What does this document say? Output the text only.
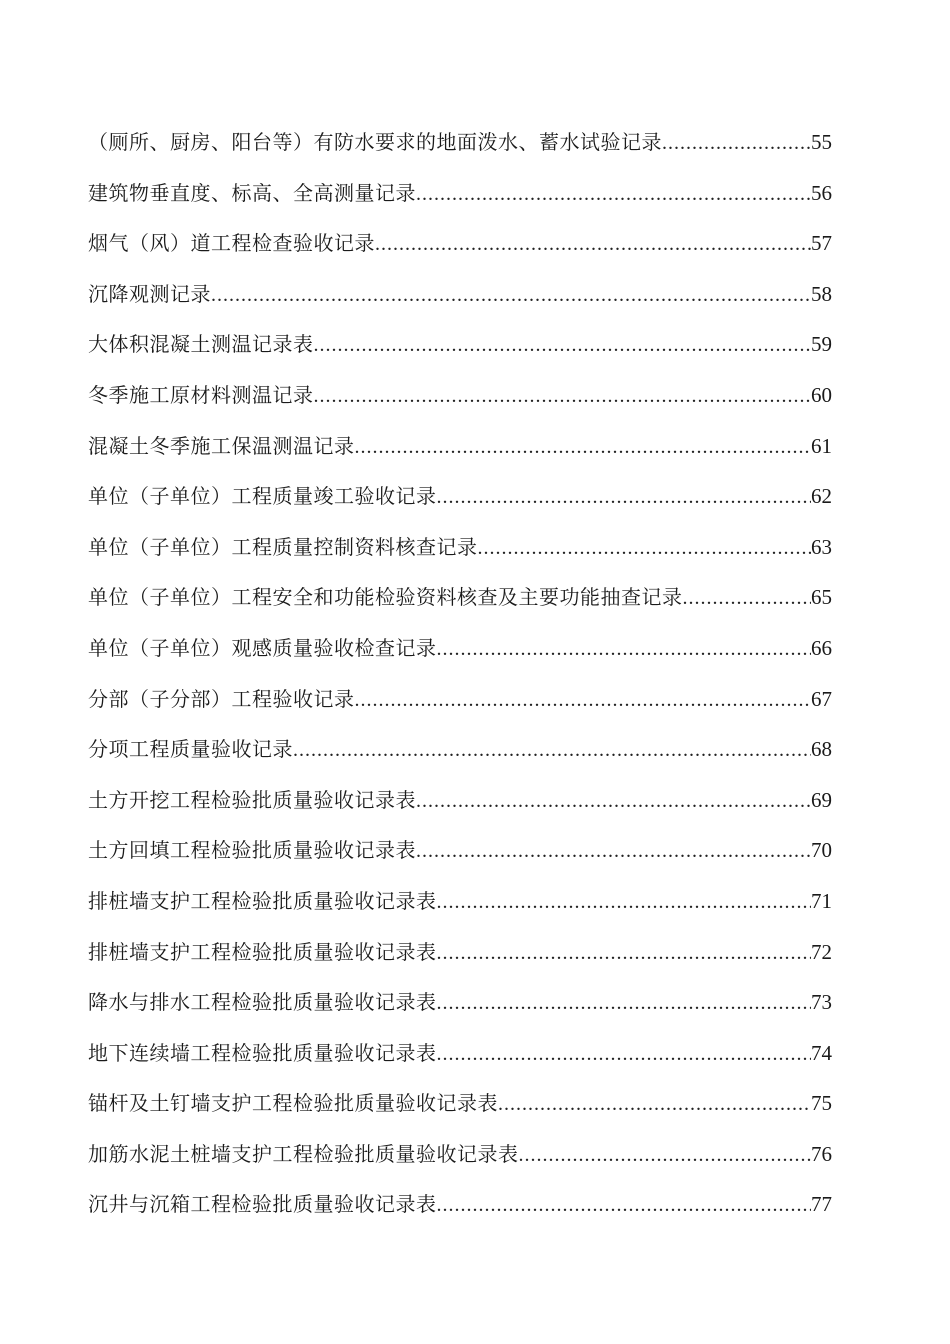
（厕所、厨房、阳台等）有防水要求的地面泼水、蓄水试验记录 .....	55
建筑物垂直度、标高、全高测量记录 .....	56
烟气（风）道工程检查验收记录 .....	57
沉降观测记录 .....	58
大体积混凝土测温记录表 .....	59
冬季施工原材料测温记录 .....	60
混凝土冬季施工保温测温记录 .....	61
单位（子单位）工程质量竣工验收记录 .....	62
单位（子单位）工程质量控制资料核查记录 .....	63
单位（子单位）工程安全和功能检验资料核查及主要功能抽查记录 .....	65
单位（子单位）观感质量验收检查记录 .....	66
分部（子分部）工程验收记录 .....	67
分项工程质量验收记录 .....	68
土方开挖工程检验批质量验收记录表 .....	69
土方回填工程检验批质量验收记录表 .....	70
排桩墙支护工程检验批质量验收记录表 .....	71
排桩墙支护工程检验批质量验收记录表 .....	72
降水与排水工程检验批质量验收记录表 .....	73
地下连续墙工程检验批质量验收记录表 .....	74
锚杆及土钉墙支护工程检验批质量验收记录表 .....	75
加筋水泥土桩墙支护工程检验批质量验收记录表 .....	76
沉井与沉箱工程检验批质量验收记录表 .....	77
